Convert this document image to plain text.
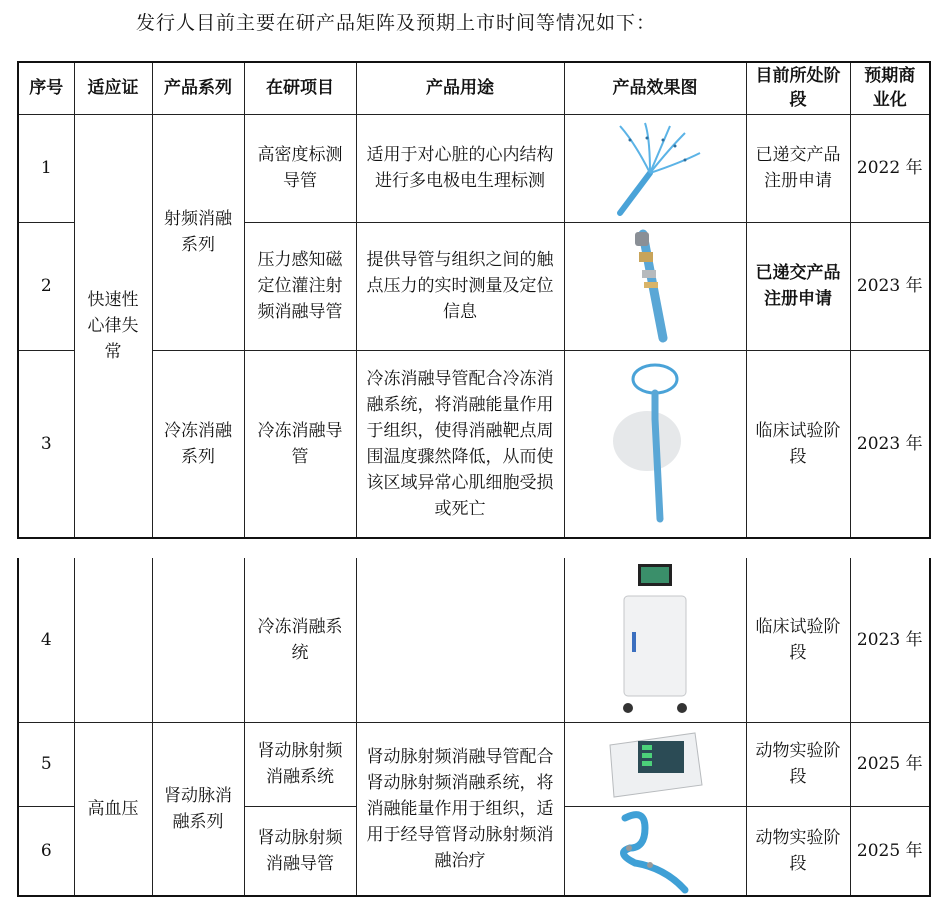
发行人目前主要在研产品矩阵及预期上市时间等情况如下：
序号	适应证	产品系列	在研项目	产品用途	产品效果图	目前所处阶段	预期商业化
1	快速性心律失常	射频消融系列	高密度标测导管	适用于对心脏的心内结构进行多电极电生理标测		已递交产品注册申请	2022 年
2			压力感知磁定位灌注射频消融导管	提供导管与组织之间的触点压力的实时测量及定位信息		已递交产品注册申请	2023 年
3		冷冻消融系列	冷冻消融导管	冷冻消融导管配合冷冻消融系统，将消融能量作用于组织，使得消融靶点周围温度骤然降低，从而使该区域异常心肌细胞受损或死亡		临床试验阶段	2023 年
4			冷冻消融系统			临床试验阶段	2023 年
5	高血压	肾动脉消融系列	肾动脉射频消融系统	肾动脉射频消融导管配合肾动脉射频消融系统，将消融能量作用于组织，适用于经导管肾动脉射频消融治疗		动物实验阶段	2025 年
6			肾动脉射频消融导管			动物实验阶段	2025 年
